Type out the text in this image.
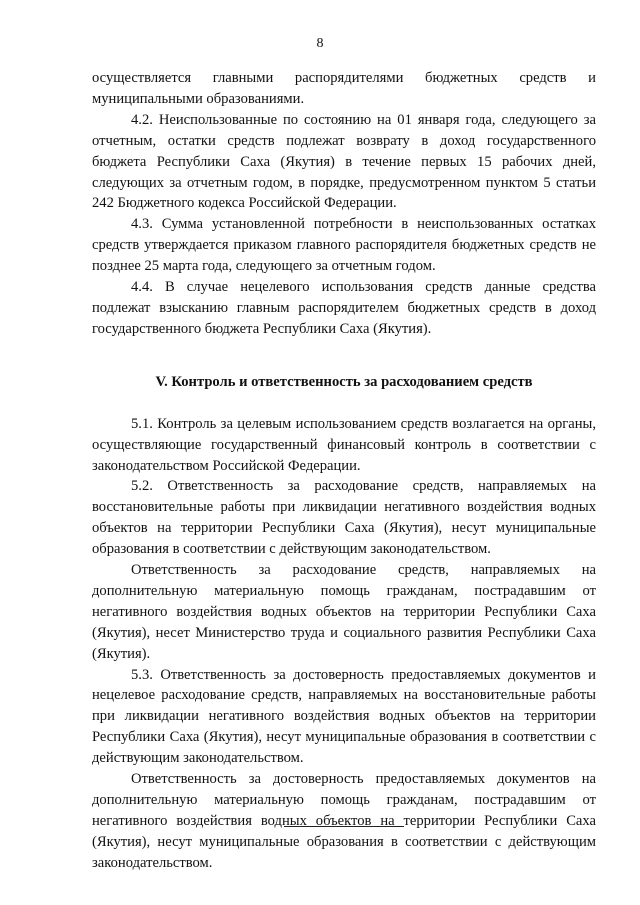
8

осуществляется главными распорядителями бюджетных средств и муниципальными образованиями.

4.2. Неиспользованные по состоянию на 01 января года, следующего за отчетным, остатки средств подлежат возврату в доход государственного бюджета Республики Саха (Якутия) в течение первых 15 рабочих дней, следующих за отчетным годом, в порядке, предусмотренном пунктом 5 статьи 242 Бюджетного кодекса Российской Федерации.

4.3. Сумма установленной потребности в неиспользованных остатках средств утверждается приказом главного распорядителя бюджетных средств не позднее 25 марта года, следующего за отчетным годом.

4.4. В случае нецелевого использования средств данные средства подлежат взысканию главным распорядителем бюджетных средств в доход государственного бюджета Республики Саха (Якутия).

V. Контроль и ответственность за расходованием средств

5.1. Контроль за целевым использованием средств возлагается на органы, осуществляющие государственный финансовый контроль в соответствии с законодательством Российской Федерации.

5.2. Ответственность за расходование средств, направляемых на восстановительные работы при ликвидации негативного воздействия водных объектов на территории Республики Саха (Якутия), несут муниципальные образования в соответствии с действующим законодательством.

Ответственность за расходование средств, направляемых на дополнительную материальную помощь гражданам, пострадавшим от негативного воздействия водных объектов на территории Республики Саха (Якутия), несет Министерство труда и социального развития Республики Саха (Якутия).

5.3. Ответственность за достоверность предоставляемых документов и нецелевое расходование средств, направляемых на восстановительные работы при ликвидации негативного воздействия водных объектов на территории Республики Саха (Якутия), несут муниципальные образования в соответствии с действующим законодательством.

Ответственность за достоверность предоставляемых документов на дополнительную материальную помощь гражданам, пострадавшим от негативного воздействия водных объектов на территории Республики Саха (Якутия), несут муниципальные образования в соответствии с действующим законодательством.
